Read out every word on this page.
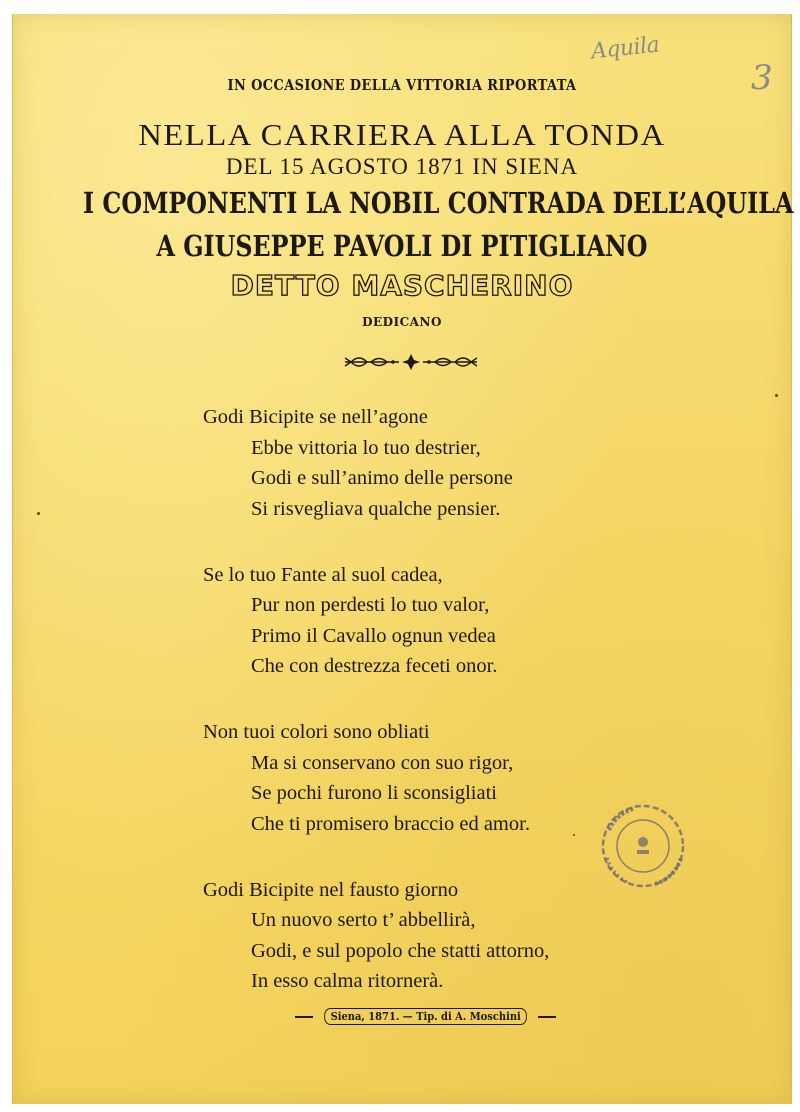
Aquila
3
IN OCCASIONE DELLA VITTORIA RIPORTATA
NELLA CARRIERA ALLA TONDA
DEL 15 AGOSTO 1871 IN SIENA
I COMPONENTI LA NOBIL CONTRADA DELL’AQUILA
A GIUSEPPE PAVOLI DI PITIGLIANO
DETTO MASCHERINO
DEDICANO
Godi Bicipite se nell’agone
Ebbe vittoria lo tuo destrier,
Godi e sull’animo delle persone
Si risvegliava qualche pensier.
Se lo tuo Fante al suol cadea,
Pur non perdesti lo tuo valor,
Primo il Cavallo ognun vedea
Che con destrezza feceti onor.
Non tuoi colori sono obliati
Ma si conservano con suo rigor,
Se pochi furono li sconsigliati
Che ti promisero braccio ed amor.
Godi Bicipite nel fausto giorno
Un nuovo serto t’ abbellirà,
Godi, e sul popolo che statti attorno,
In esso calma ritornerà.
Siena, 1871. — Tip. di A. Moschini
